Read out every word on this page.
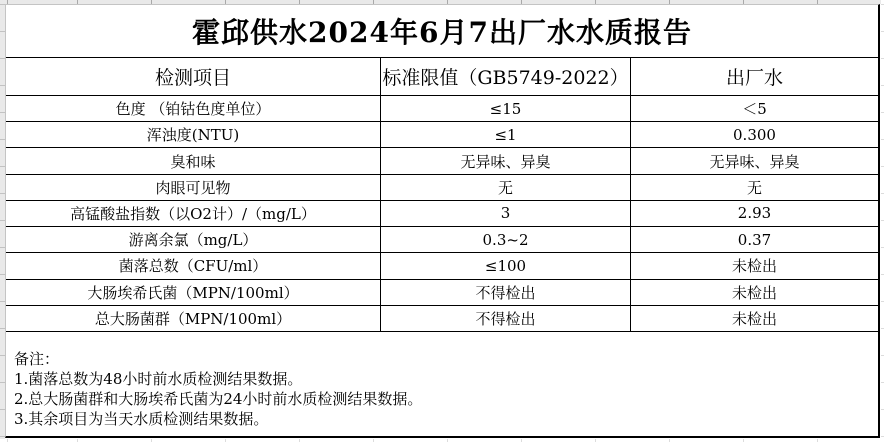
霍邱供水2024年6月7出厂水水质报告
检测项目	标准限值（GB5749-2022）	出厂水
色度 （铂钴色度单位）	≤15	＜5
浑浊度(NTU)	≤1	0.300
臭和味	无异味、异臭	无异味、异臭
肉眼可见物	无	无
高锰酸盐指数（以O2计）/（mg/L）	3	2.93
游离余氯（mg/L）	0.3~2	0.37
菌落总数（CFU/ml）	≤100	未检出
大肠埃希氏菌（MPN/100ml）	不得检出	未检出
总大肠菌群（MPN/100ml）	不得检出	未检出
备注：
1.菌落总数为48小时前水质检测结果数据。
2.总大肠菌群和大肠埃希氏菌为24小时前水质检测结果数据。
3.其余项目为当天水质检测结果数据。
